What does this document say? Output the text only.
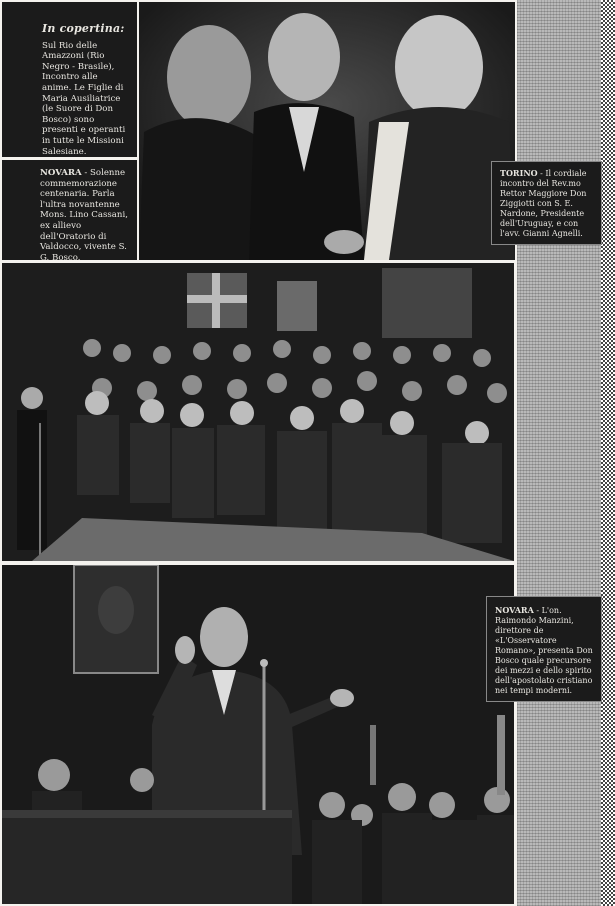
In copertina:
Sul Rio delle Amazzoni (Rio Negro - Brasile), Incontro alle anime. Le Figlie di Maria Ausiliatrice (le Suore di Don Bosco) sono presenti e operanti in tutte le Missioni Salesiane.
NOVARA - Solenne commemorazione centenaria. Parla l'ultra novantenne Mons. Lino Cassani, ex allievo dell'Oratorio di Valdocco, vivente S. G. Bosco.
TORINO - Il cordiale incontro del Rev.mo Rettor Maggiore Don Ziggiotti con S. E. Nardone, Presidente dell'Uruguay, e con l'avv. Gianni Agnelli.
NOVARA - L'on. Raimondo Manzini, direttore de «L'Osservatore Romano», presenta Don Bosco quale precursore dei mezzi e dello spirito dell'apostolato cristiano nei tempi moderni.
